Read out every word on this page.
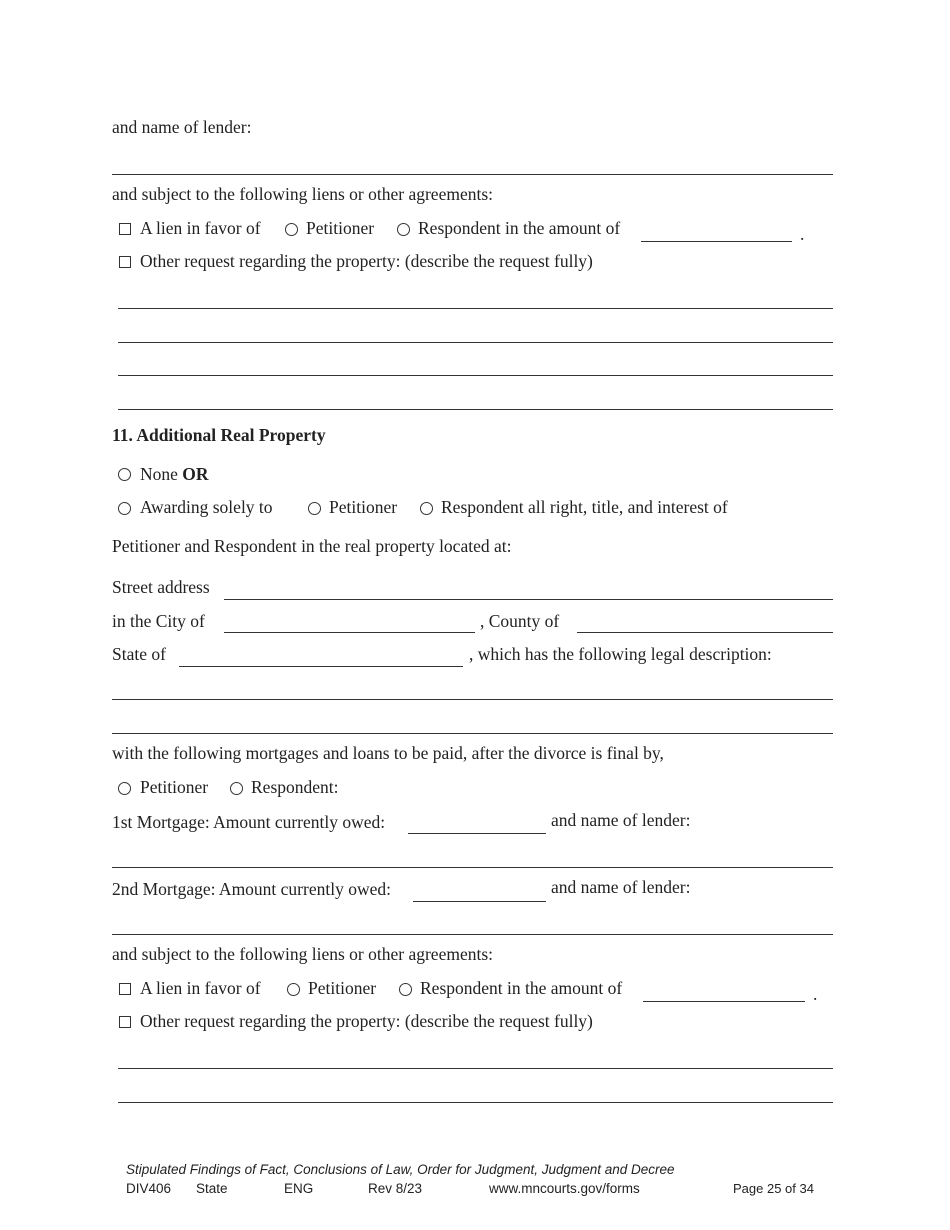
and name of lender:
and subject to the following liens or other agreements:
A lien in favor of	Petitioner	Respondent in the amount of	.
Other request regarding the property: (describe the request fully)
11. Additional Real Property
None OR
Awarding solely to	Petitioner	Respondent all right, title, and interest of
Petitioner and Respondent in the real property located at:
Street address
in the City of	, County of
State of	, which has the following legal description:
with the following mortgages and loans to be paid, after the divorce is final by,
Petitioner Respondent:
1st Mortgage: Amount currently owed:	and name of lender:
2nd Mortgage: Amount currently owed:	and name of lender:
and subject to the following liens or other agreements:
A lien in favor of	Petitioner	Respondent in the amount of	.
Other request regarding the property: (describe the request fully)
Stipulated Findings of Fact, Conclusions of Law, Order for Judgment, Judgment and Decree
DIV406 State	ENG	Rev 8/23	www.mncourts.gov/forms	Page 25 of 34
